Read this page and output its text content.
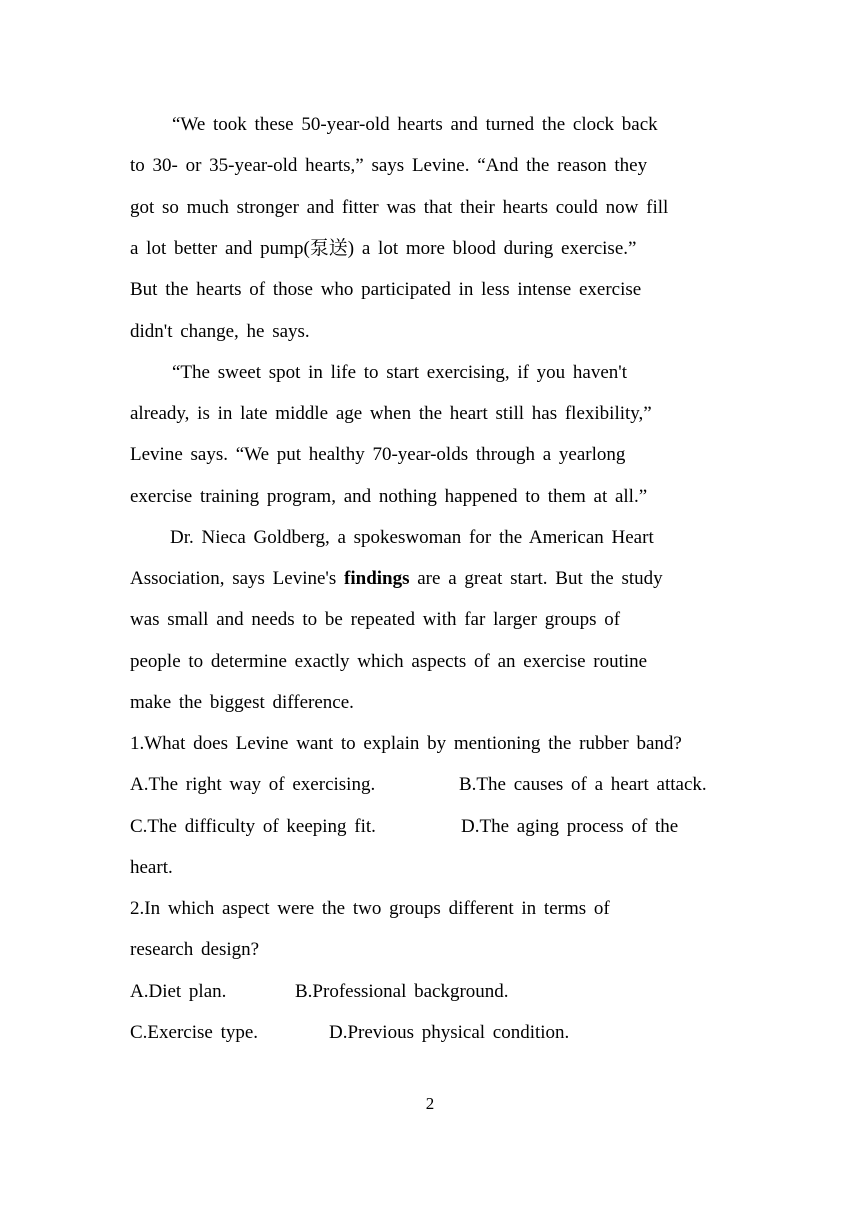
“We took these 50-year-old hearts and turned the clock back
to 30- or 35-year-old hearts,” says Levine. “And the reason they
got so much stronger and fitter was that their hearts could now fill
a lot better and pump(泵送) a lot more blood during exercise.”
But the hearts of those who participated in less intense exercise
didn't change, he says.
“The sweet spot in life to start exercising, if you haven't
already, is in late middle age when the heart still has flexibility,”
Levine says. “We put healthy 70-year-olds through a yearlong
exercise training program, and nothing happened to them at all.”
Dr. Nieca Goldberg, a spokeswoman for the American Heart
Association, says Levine's findings are a great start. But the study
was small and needs to be repeated with far larger groups of
people to determine exactly which aspects of an exercise routine
make the biggest difference.
1.What does Levine want to explain by mentioning the rubber band?
A.The right way of exercising.	B.The causes of a heart attack.
C.The difficulty of keeping fit.	D.The aging process of the
heart.
2.In which aspect were the two groups different in terms of
research design?
A.Diet plan.	B.Professional background.
C.Exercise type.	D.Previous physical condition.
2
